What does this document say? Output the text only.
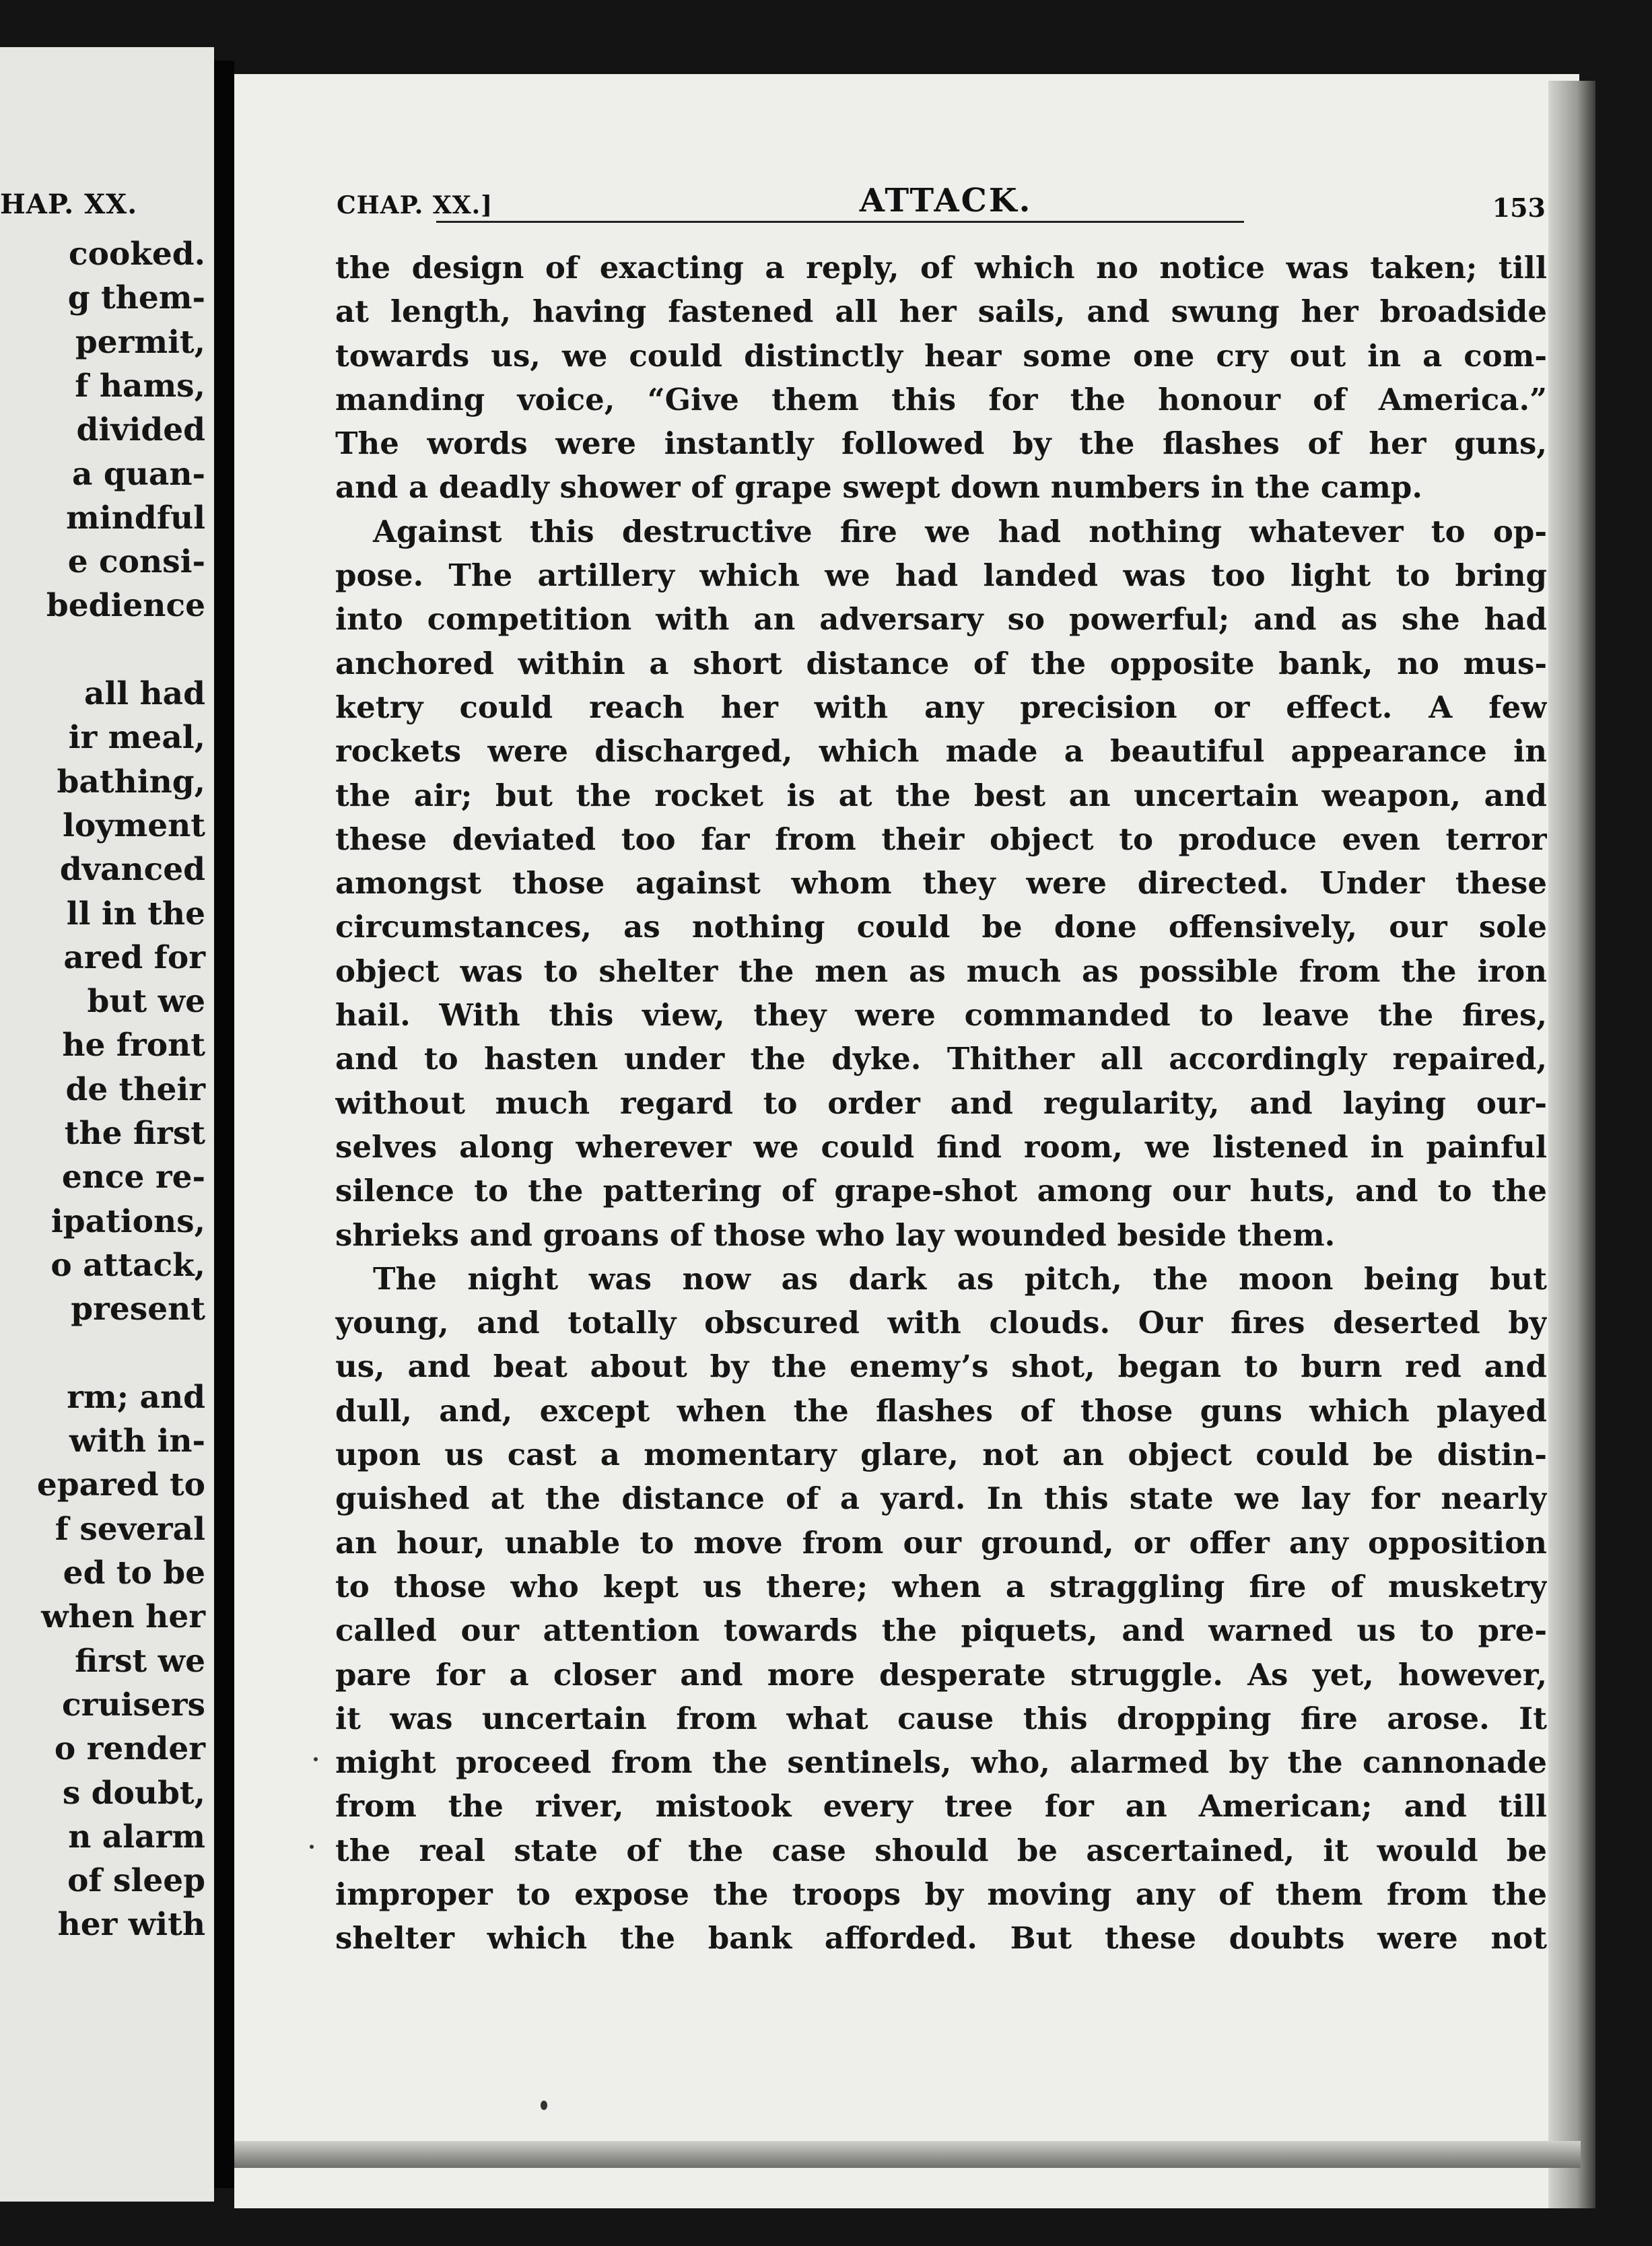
HAP. XX.
cooked.
g them-
permit,
f hams,
divided
a quan-
mindful
e consi-
bedience
all had
ir meal,
bathing,
loyment
dvanced
ll in the
ared for
but we
he front
de their
the first
ence re-
ipations,
o attack,
present
rm; and
with in-
epared to
f several
ed to be
when her
first we
cruisers
o render
s doubt,
n alarm
of sleep
her with
CHAP. XX.]	ATTACK.	153
the design of exacting a reply, of which no notice was taken; till
at length, having fastened all her sails, and swung her broadside
towards us, we could distinctly hear some one cry out in a com-
manding voice, “Give them this for the honour of America.”
The words were instantly followed by the flashes of her guns,
and a deadly shower of grape swept down numbers in the camp.
Against this destructive fire we had nothing whatever to op-
pose. The artillery which we had landed was too light to bring
into competition with an adversary so powerful; and as she had
anchored within a short distance of the opposite bank, no mus-
ketry could reach her with any precision or effect. A few
rockets were discharged, which made a beautiful appearance in
the air; but the rocket is at the best an uncertain weapon, and
these deviated too far from their object to produce even terror
amongst those against whom they were directed. Under these
circumstances, as nothing could be done offensively, our sole
object was to shelter the men as much as possible from the iron
hail. With this view, they were commanded to leave the fires,
and to hasten under the dyke. Thither all accordingly repaired,
without much regard to order and regularity, and laying our-
selves along wherever we could find room, we listened in painful
silence to the pattering of grape-shot among our huts, and to the
shrieks and groans of those who lay wounded beside them.
The night was now as dark as pitch, the moon being but
young, and totally obscured with clouds. Our fires deserted by
us, and beat about by the enemy’s shot, began to burn red and
dull, and, except when the flashes of those guns which played
upon us cast a momentary glare, not an object could be distin-
guished at the distance of a yard. In this state we lay for nearly
an hour, unable to move from our ground, or offer any opposition
to those who kept us there; when a straggling fire of musketry
called our attention towards the piquets, and warned us to pre-
pare for a closer and more desperate struggle. As yet, however,
it was uncertain from what cause this dropping fire arose. It
might proceed from the sentinels, who, alarmed by the cannonade
from the river, mistook every tree for an American; and till
the real state of the case should be ascertained, it would be
improper to expose the troops by moving any of them from the
shelter which the bank afforded. But these doubts were not
